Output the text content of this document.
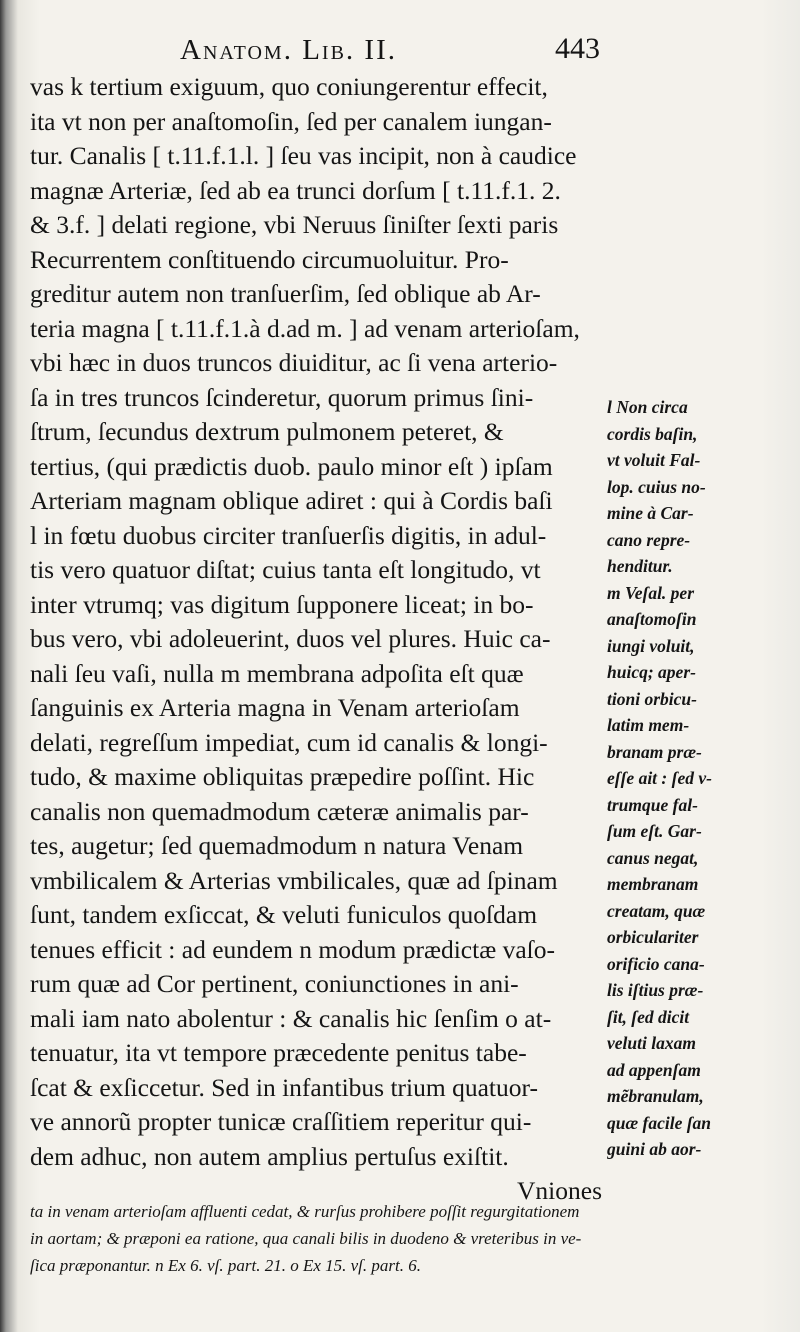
Anatom. Lib. II.	443
vas k tertium exiguum, quo coniungerentur effecit,
ita vt non per anaſtomoſin, ſed per canalem iungan-
tur. Canalis [ t.11.f.1.l. ] ſeu vas incipit, non à caudice
magnæ Arteriæ, ſed ab ea trunci dorſum [ t.11.f.1. 2.
& 3.f. ] delati regione, vbi Neruus ſiniſter ſexti paris
Recurrentem conſtituendo circumuoluitur. Pro-
greditur autem non tranſuerſim, ſed oblique ab Ar-
teria magna [ t.11.f.1.à d.ad m. ] ad venam arterioſam,
vbi hæc in duos truncos diuiditur, ac ſi vena arterio-
ſa in tres truncos ſcinderetur, quorum primus ſini-
ſtrum, ſecundus dextrum pulmonem peteret, &
tertius, (qui prædictis duob. paulo minor eſt ) ipſam
Arteriam magnam oblique adiret : qui à Cordis baſi
l in fœtu duobus circiter tranſuerſis digitis, in adul-
tis vero quatuor diſtat; cuius tanta eſt longitudo, vt
inter vtrumq; vas digitum ſupponere liceat; in bo-
bus vero, vbi adoleuerint, duos vel plures. Huic ca-
nali ſeu vaſi, nulla m membrana adpoſita eſt quæ
ſanguinis ex Arteria magna in Venam arterioſam
delati, regreſſum impediat, cum id canalis & longi-
tudo, & maxime obliquitas præpedire poſſint. Hic
canalis non quemadmodum cæteræ animalis par-
tes, augetur; ſed quemadmodum n natura Venam
vmbilicalem & Arterias vmbilicales, quæ ad ſpinam
ſunt, tandem exſiccat, & veluti funiculos quoſdam
tenues efficit : ad eundem n modum prædictæ vaſo-
rum quæ ad Cor pertinent, coniunctiones in ani-
mali iam nato abolentur : & canalis hic ſenſim o at-
tenuatur, ita vt tempore præcedente penitus tabe-
ſcat & exſiccetur. Sed in infantibus trium quatuor-
ve annorũ propter tunicæ craſſitiem reperitur qui-
dem adhuc, non autem amplius pertuſus exiſtit.
Vniones
l Non circa
cordis baſin,
vt voluit Fal-
lop. cuius no-
mine à Car-
cano repre-
henditur.
m Veſal. per
anaſtomoſin
iungi voluit,
huicq; aper-
tioni orbicu-
latim mem-
branam præ-
eſſe ait : ſed v-
trumque fal-
ſum eſt. Gar-
canus negat,
membranam
creatam, quæ
orbiculariter
orificio cana-
lis iſtius præ-
ſit, ſed dicit
veluti laxam
ad appenſam
mẽbranulam,
quæ facile ſan
guini ab aor-
ta in venam arterioſam affluenti cedat, & rurſus prohibere poſſit regurgitationem
in aortam; & præponi ea ratione, qua canali bilis in duodeno & vreteribus in ve-
ſica præponantur. n Ex 6. vſ. part. 21. o Ex 15. vſ. part. 6.
